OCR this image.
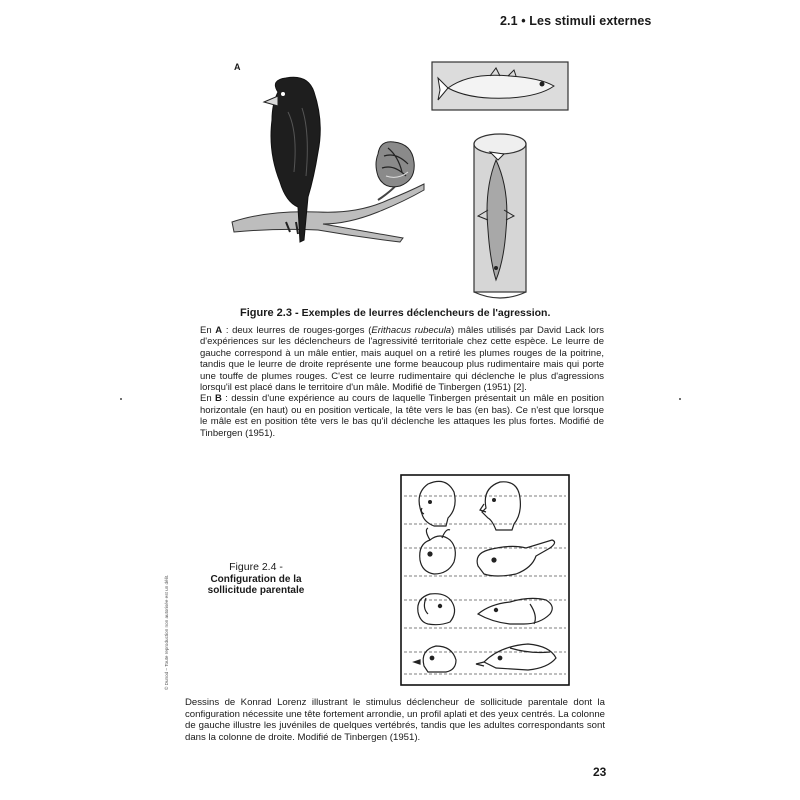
2.1 • Les stimuli externes
A
Figure 2.3 - Exemples de leurres déclencheurs de l'agression.

En A : deux leurres de rouges-gorges (Erithacus rubecula) mâles utilisés par David Lack lors d'expériences sur les déclencheurs de l'agressivité territoriale chez cette espèce. Le leurre de gauche correspond à un mâle entier, mais auquel on a retiré les plumes rouges de la poitrine, tandis que le leurre de droite représente une forme beaucoup plus rudimentaire mais qui porte une touffe de plumes rouges. C'est ce leurre rudimentaire qui déclenche le plus d'agressions lorsqu'il est placé dans le territoire d'un mâle. Modifié de Tinbergen (1951) [2].

En B : dessin d'une expérience au cours de laquelle Tinbergen présentait un mâle en position horizontale (en haut) ou en position verticale, la tête vers le bas (en bas). Ce n'est que lorsque le mâle est en position tête vers le bas qu'il déclenche les attaques les plus fortes. Modifié de Tinbergen (1951).

Figure 2.4 -
Configuration de la sollicitude parentale
Dessins de Konrad Lorenz illustrant le stimulus déclencheur de sollicitude parentale dont la configuration nécessite une tête fortement arrondie, un profil aplati et des yeux centrés. La colonne de gauche illustre les juvéniles de quelques vertébrés, tandis que les adultes correspondants sont dans la colonne de droite. Modifié de Tinbergen (1951).
© Dunod – Toute reproduction non autorisée est un délit.
23
